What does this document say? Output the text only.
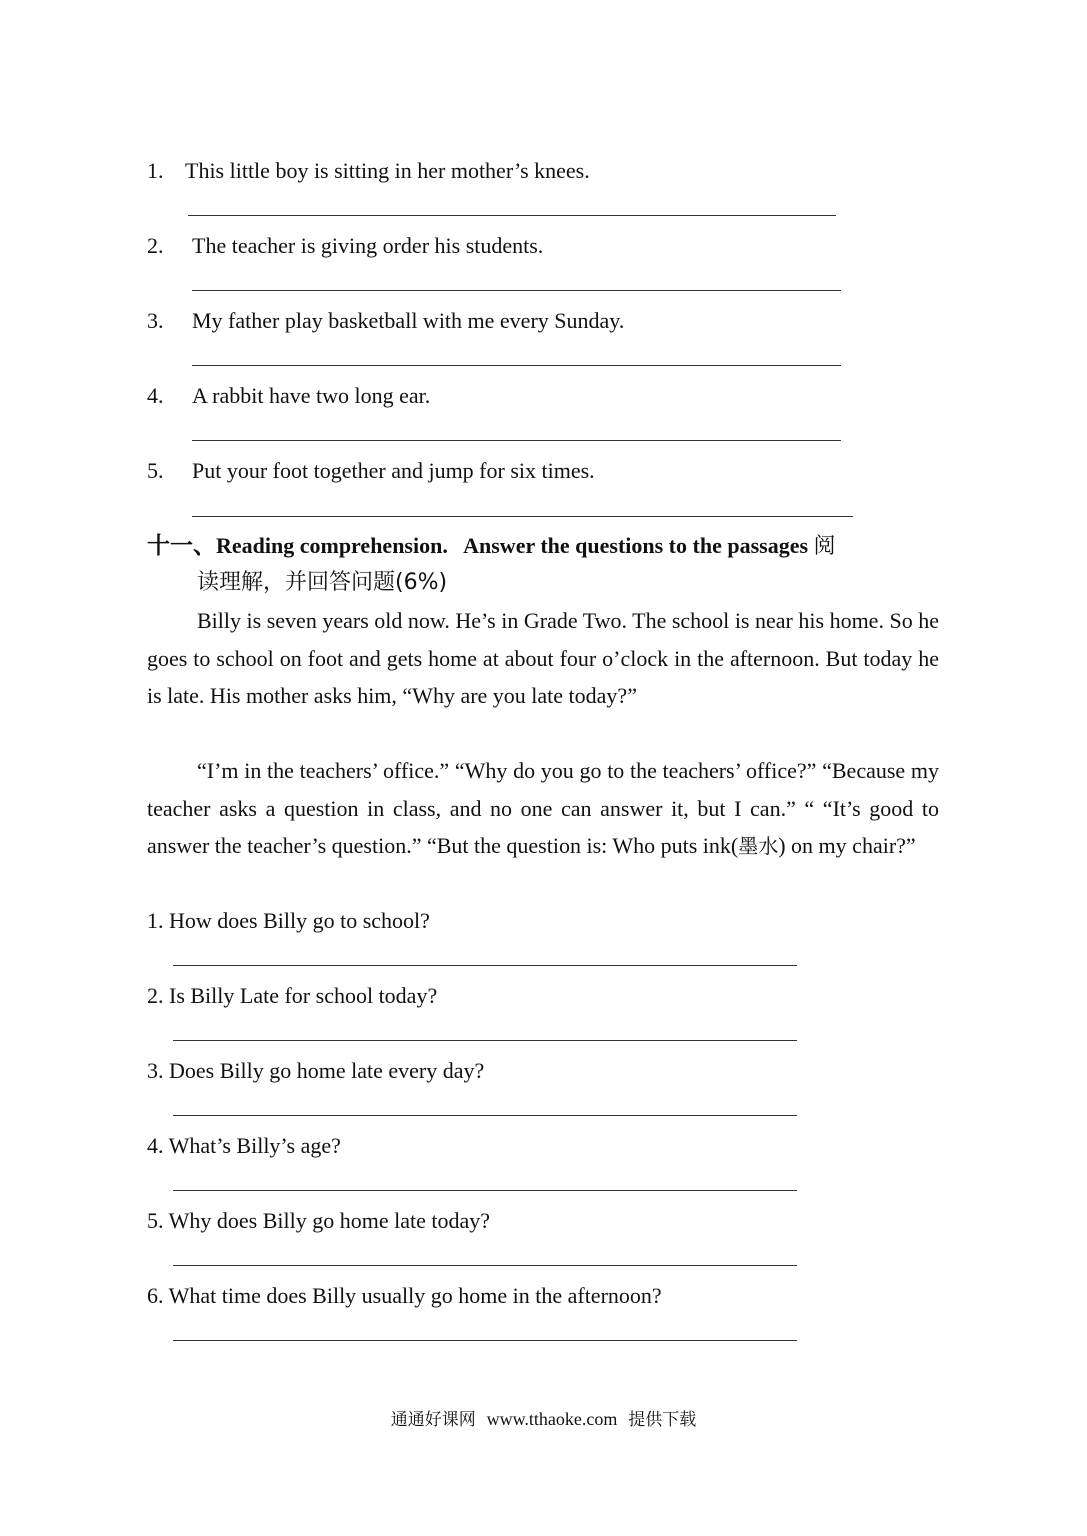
1. This little boy is sitting in her mother’s knees.
2. The teacher is giving order his students.
3. My father play basketball with me every Sunday.
4. A rabbit have two long ear.
5. Put your foot together and jump for six times.
十一、Reading comprehension.   Answer the questions to the passages 阅
读理解，并回答问题(6%)
Billy is seven years old now. He’s in Grade Two. The school is near his home. So he goes to school on foot and gets home at about four o’clock in the afternoon. But today he is late. His mother asks him, “Why are you late today?”
“I’m in the teachers’ office.” “Why do you go to the teachers’ office?” “Because my teacher asks a question in class, and no one can answer it, but I can.” “ “It’s good to answer the teacher’s question.” “But the question is: Who puts ink(墨水) on my chair?”
1. How does Billy go to school?
2. Is Billy Late for school today?
3. Does Billy go home late every day?
4. What’s Billy’s age?
5. Why does Billy go home late today?
6. What time does Billy usually go home in the afternoon?
通通好课网 www.tthaoke.com 提供下载
